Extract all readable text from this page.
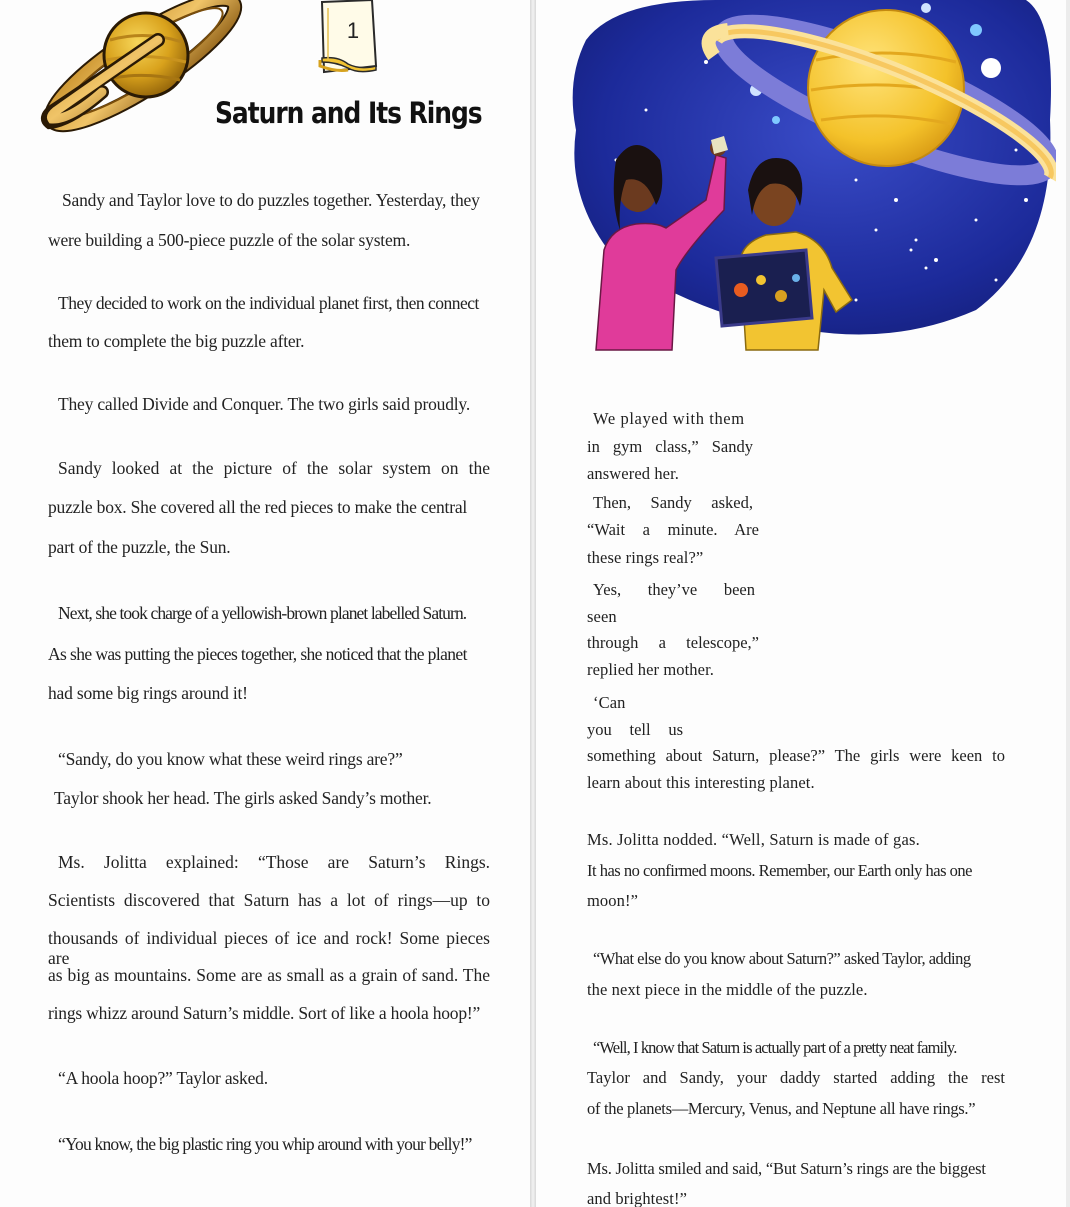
1

Saturn and Its Rings

Sandy and Taylor love to do puzzles together. Yesterday, they

were building a 500-piece puzzle of the solar system.

They decided to work on the individual planet first, then connect

them to complete the big puzzle after.

They called Divide and Conquer. The two girls said proudly.

Sandy looked at the picture of the solar system on the

puzzle box. She covered all the red pieces to make the central

part of the puzzle, the Sun.

Next, she took charge of a yellowish-brown planet labelled Saturn.

As she was putting the pieces together, she noticed that the planet

had some big rings around it!

“Sandy, do you know what these weird rings are?”

Taylor shook her head. The girls asked Sandy’s mother.

Ms. Jolitta explained: “Those are Saturn’s Rings.

Scientists discovered that Saturn has a lot of rings—up to

thousands of individual pieces of ice and rock! Some pieces are

as big as mountains. Some are as small as a grain of sand. The

rings whizz around Saturn’s middle. Sort of like a hoola hoop!”

“A hoola hoop?” Taylor asked.

“You know, the big plastic ring you whip around with your belly!”

We played with them

in gym class,” Sandy

answered her.

Then, Sandy asked,

“Wait a minute. Are

these rings real?”

Yes, they’ve been

seen

through a telescope,”

replied her mother.

‘Can

you tell us

something about Saturn, please?” The girls were keen to

learn about this interesting planet.

Ms. Jolitta nodded. “Well, Saturn is made of gas.

It has no confirmed moons. Remember, our Earth only has one

moon!”

“What else do you know about Saturn?” asked Taylor, adding

the next piece in the middle of the puzzle.

“Well, I know that Saturn is actually part of a pretty neat family.

Taylor and Sandy, your daddy started adding the rest

of the planets—Mercury, Venus, and Neptune all have rings.”

Ms. Jolitta smiled and said, “But Saturn’s rings are the biggest

and brightest!”
